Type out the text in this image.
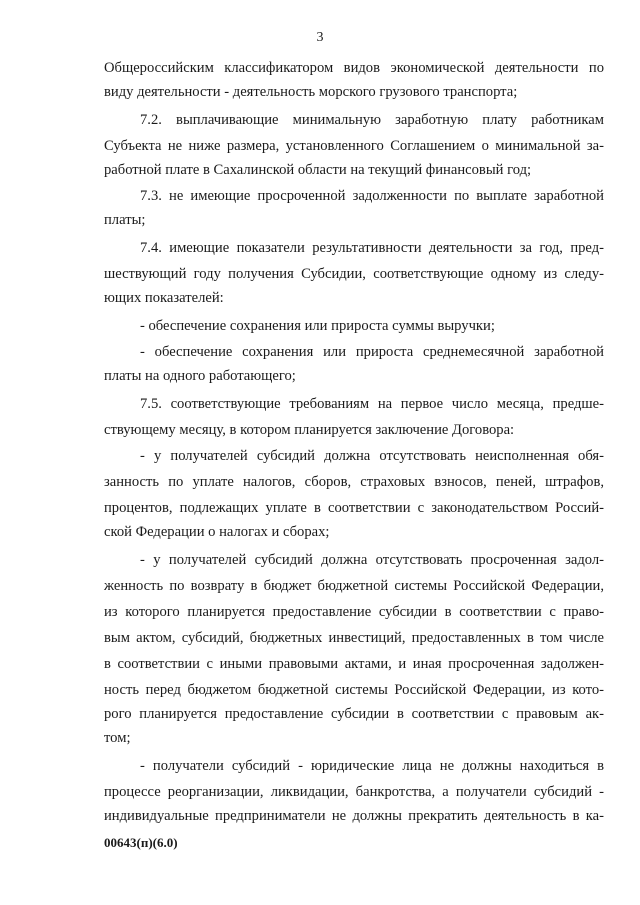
3
Общероссийским классификатором видов экономической деятельности по
виду деятельности - деятельность морского грузового транспорта;
7.2. выплачивающие минимальную заработную плату работникам
Субъекта не ниже размера, установленного Соглашением о минимальной за-
работной плате в Сахалинской области на текущий финансовый год;
7.3. не имеющие просроченной задолженности по выплате заработной
платы;
7.4. имеющие показатели результативности деятельности за год, пред-
шествующий году получения Субсидии, соответствующие одному из следу-
ющих показателей:
- обеспечение сохранения или прироста суммы выручки;
- обеспечение сохранения или прироста среднемесячной заработной
платы на одного работающего;
7.5. соответствующие требованиям на первое число месяца, предше-
ствующему месяцу, в котором планируется заключение Договора:
- у получателей субсидий должна отсутствовать неисполненная обя-
занность по уплате налогов, сборов, страховых взносов, пеней, штрафов,
процентов, подлежащих уплате в соответствии с законодательством Россий-
ской Федерации о налогах и сборах;
- у получателей субсидий должна отсутствовать просроченная задол-
женность по возврату в бюджет бюджетной системы Российской Федерации,
из которого планируется предоставление субсидии в соответствии с право-
вым актом, субсидий, бюджетных инвестиций, предоставленных в том числе
в соответствии с иными правовыми актами, и иная просроченная задолжен-
ность перед бюджетом бюджетной системы Российской Федерации, из кото-
рого планируется предоставление субсидии в соответствии с правовым ак-
том;
- получатели субсидий - юридические лица не должны находиться в
процессе реорганизации, ликвидации, банкротства, а получатели субсидий -
индивидуальные предприниматели не должны прекратить деятельность в ка-
00643(п)(6.0)
